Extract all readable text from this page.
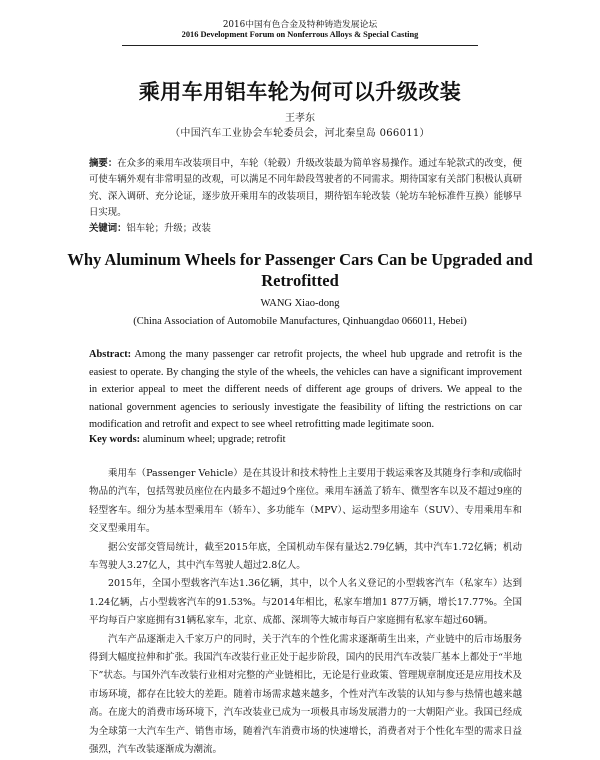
2016中国有色合金及特种铸造发展论坛
2016 Development Forum on Nonferrous Alloys & Special Casting
乘用车用铝车轮为何可以升级改装
王孝东
（中国汽车工业协会车轮委员会，河北秦皇岛 066011）
摘要：在众多的乘用车改装项目中，车轮（轮毂）升级改装最为简单容易操作。通过车轮款式的改变，便可使车辆外观有非常明显的改观，可以满足不同年龄段驾驶者的不同需求。期待国家有关部门积极认真研究、深入调研、充分论证，逐步放开乘用车的改装项目，期待铝车轮改装（轮坊车轮标准件互换）能够早日实现。
关键词：铝车轮；升级；改装
Why Aluminum Wheels for Passenger Cars Can be Upgraded and Retrofitted
WANG Xiao-dong
(China Association of Automobile Manufactures, Qinhuangdao 066011, Hebei)
Abstract: Among the many passenger car retrofit projects, the wheel hub upgrade and retrofit is the easiest to operate. By changing the style of the wheels, the vehicles can have a significant improvement in exterior appeal to meet the different needs of different age groups of drivers. We appeal to the national government agencies to seriously investigate the feasibility of lifting the restrictions on car modification and retrofit and expect to see wheel retrofitting made legitimate soon.
Key words: aluminum wheel; upgrade; retrofit

乘用车（Passenger Vehicle）是在其设计和技术特性上主要用于载运乘客及其随身行李和/或临时物品的汽车，包括驾驶员座位在内最多不超过9个座位。乘用车涵盖了轿车、微型客车以及不超过9座的轻型客车。细分为基本型乘用车（轿车）、多功能车（MPV）、运动型多用途车（SUV）、专用乘用车和交叉型乘用车。

据公安部交管局统计，截至2015年底，全国机动车保有量达2.79亿辆，其中汽车1.72亿辆；机动车驾驶人3.27亿人，其中汽车驾驶人超过2.8亿人。

2015年，全国小型载客汽车达1.36亿辆，其中，以个人名义登记的小型载客汽车（私家车）达到1.24亿辆，占小型载客汽车的91.53%。与2014年相比，私家车增加1 877万辆，增长17.77%。全国平均每百户家庭拥有31辆私家车，北京、成都、深圳等大城市每百户家庭拥有私家车超过60辆。

汽车产品逐渐走入千家万户的同时，关于汽车的个性化需求逐渐萌生出来，产业链中的后市场服务得到大幅度拉伸和扩张。我国汽车改装行业正处于起步阶段，国内的民用汽车改装厂基本上都处于“半地下”状态。与国外汽车改装行业相对完整的产业链相比，无论是行业政策、管理规章制度还是应用技术及市场环境，都存在比较大的差距。随着市场需求越来越多，个性对汽车改装的认知与参与热情也越来越高。在庞大的消费市场环境下，汽车改装业已成为一项极具市场发展潜力的一大朝阳产业。我国已经成为全球第一大汽车生产、销售市场，随着汽车消费市场的快速增长，消费者对于个性化车型的需求日益强烈，汽车改装逐渐成为潮流。
